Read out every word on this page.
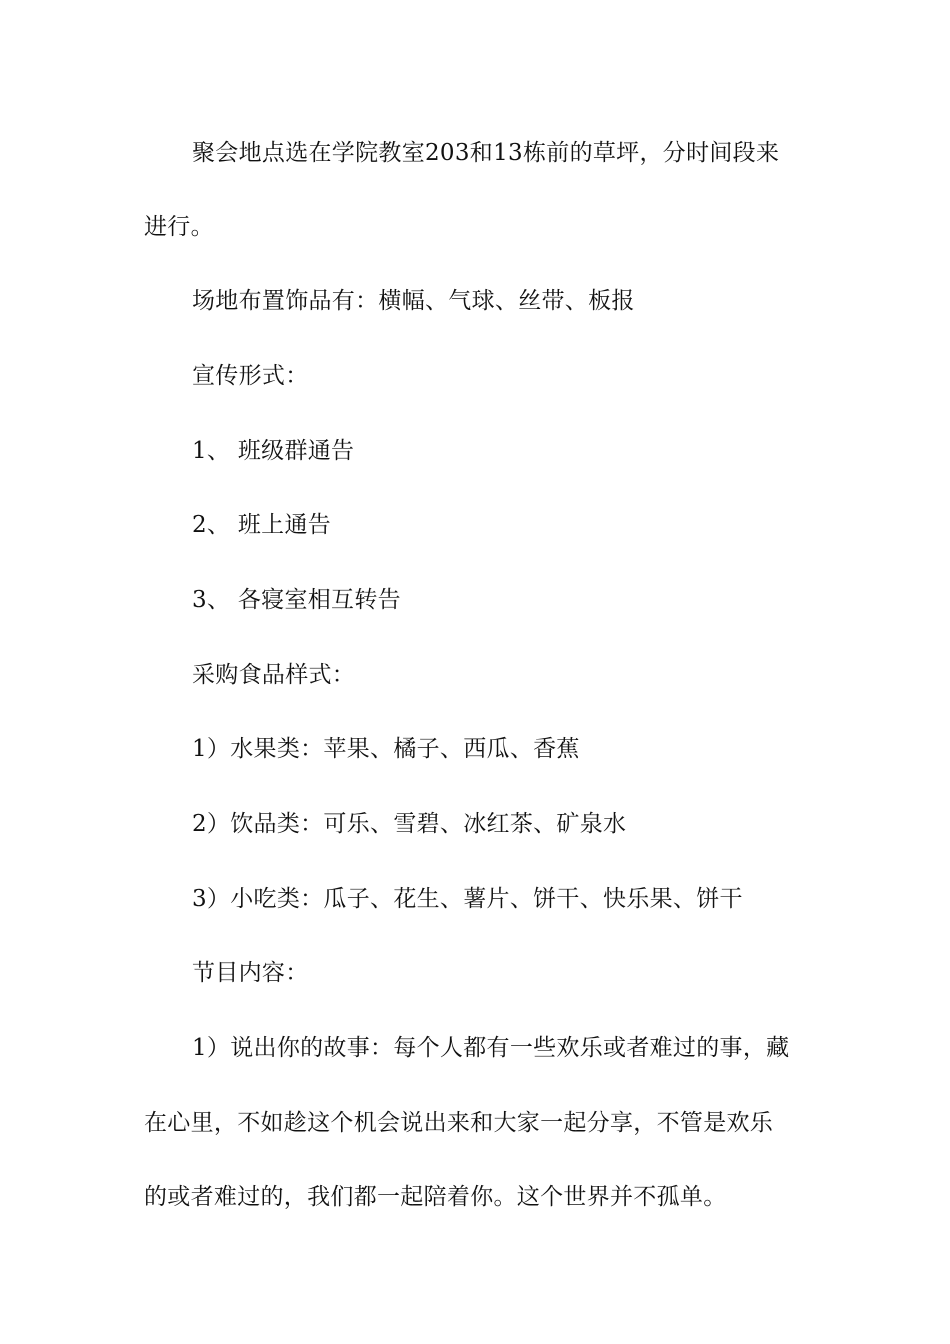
聚会地点选在学院教室203和13栋前的草坪，分时间段来
进行。
场地布置饰品有：横幅、气球、丝带、板报
宣传形式：
1、 班级群通告
2、 班上通告
3、 各寝室相互转告
采购食品样式：
1）水果类：苹果、橘子、西瓜、香蕉
2）饮品类：可乐、雪碧、冰红茶、矿泉水
3）小吃类：瓜子、花生、薯片、饼干、快乐果、饼干
节目内容：
1）说出你的故事：每个人都有一些欢乐或者难过的事，藏
在心里，不如趁这个机会说出来和大家一起分享，不管是欢乐
的或者难过的，我们都一起陪着你。这个世界并不孤单。
